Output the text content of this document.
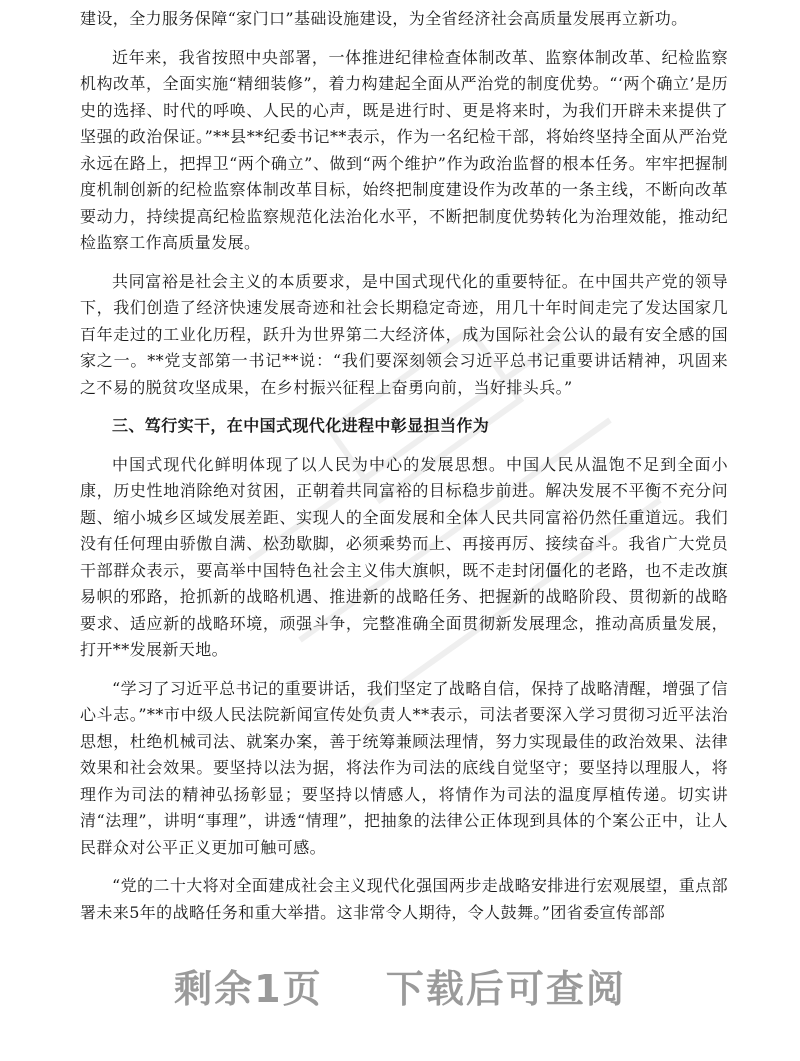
建设，全力服务保障“家门口”基础设施建设，为全省经济社会高质量发展再立新功。

近年来，我省按照中央部署，一体推进纪律检查体制改革、监察体制改革、纪检监察机构改革，全面实施“精细装修”，着力构建起全面从严治党的制度优势。“‘两个确立’是历史的选择、时代的呼唤、人民的心声，既是进行时、更是将来时，为我们开辟未来提供了坚强的政治保证。”**县**纪委书记**表示，作为一名纪检干部，将始终坚持全面从严治党永远在路上，把捍卫“两个确立”、做到“两个维护”作为政治监督的根本任务。牢牢把握制度机制创新的纪检监察体制改革目标，始终把制度建设作为改革的一条主线，不断向改革要动力，持续提高纪检监察规范化法治化水平，不断把制度优势转化为治理效能，推动纪检监察工作高质量发展。

共同富裕是社会主义的本质要求，是中国式现代化的重要特征。在中国共产党的领导下，我们创造了经济快速发展奇迹和社会长期稳定奇迹，用几十年时间走完了发达国家几百年走过的工业化历程，跃升为世界第二大经济体，成为国际社会公认的最有安全感的国家之一。**党支部第一书记**说：“我们要深刻领会习近平总书记重要讲话精神，巩固来之不易的脱贫攻坚成果，在乡村振兴征程上奋勇向前，当好排头兵。”

三、笃行实干，在中国式现代化进程中彰显担当作为

中国式现代化鲜明体现了以人民为中心的发展思想。中国人民从温饱不足到全面小康，历史性地消除绝对贫困，正朝着共同富裕的目标稳步前进。解决发展不平衡不充分问题、缩小城乡区域发展差距、实现人的全面发展和全体人民共同富裕仍然任重道远。我们没有任何理由骄傲自满、松劲歇脚，必须乘势而上、再接再厉、接续奋斗。我省广大党员干部群众表示，要高举中国特色社会主义伟大旗帜，既不走封闭僵化的老路，也不走改旗易帜的邪路，抢抓新的战略机遇、推进新的战略任务、把握新的战略阶段、贯彻新的战略要求、适应新的战略环境，顽强斗争，完整准确全面贯彻新发展理念，推动高质量发展，打开**发展新天地。

“学习了习近平总书记的重要讲话，我们坚定了战略自信，保持了战略清醒，增强了信心斗志。”**市中级人民法院新闻宣传处负责人**表示，司法者要深入学习贯彻习近平法治思想，杜绝机械司法、就案办案，善于统筹兼顾法理情，努力实现最佳的政治效果、法律效果和社会效果。要坚持以法为据，将法作为司法的底线自觉坚守；要坚持以理服人，将理作为司法的精神弘扬彰显；要坚持以情感人，将情作为司法的温度厚植传递。切实讲清“法理”，讲明“事理”，讲透“情理”，把抽象的法律公正体现到具体的个案公正中，让人民群众对公平正义更加可触可感。

“党的二十大将对全面建成社会主义现代化强国两步走战略安排进行宏观展望，重点部署未来5年的战略任务和重大举措。这非常令人期待，令人鼓舞。”团省委宣传部部

剩余1页 下载后可查阅
